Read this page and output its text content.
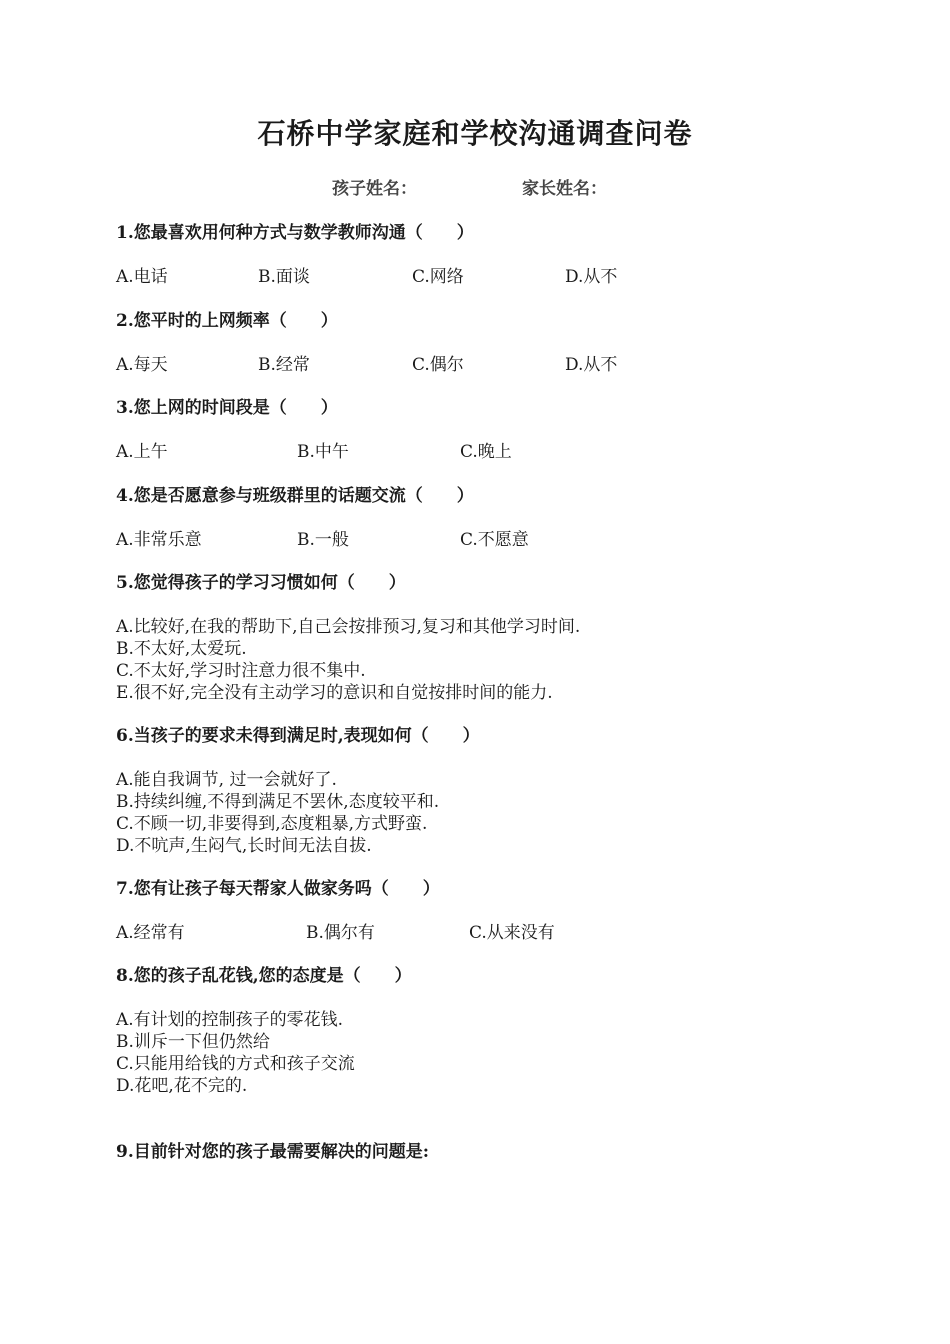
石桥中学家庭和学校沟通调查问卷
孩子姓名：	家长姓名：

1.您最喜欢用何种方式与数学教师沟通（　　）

A.电话	B.面谈	C.网络	D.从不

2.您平时的上网频率（　　）

A.每天	B.经常	C.偶尔	D.从不

3.您上网的时间段是（　　）

A.上午	B.中午	C.晚上

4.您是否愿意参与班级群里的话题交流（　　）

A.非常乐意	B.一般	C.不愿意

5.您觉得孩子的学习习惯如何（　　）

A.比较好,在我的帮助下,自己会按排预习,复习和其他学习时间.

B.不太好,太爱玩.

C.不太好,学习时注意力很不集中.

E.很不好,完全没有主动学习的意识和自觉按排时间的能力.

6.当孩子的要求未得到满足时,表现如何（　　）

A.能自我调节, 过一会就好了.

B.持续纠缠,不得到满足不罢休,态度较平和.

C.不顾一切,非要得到,态度粗暴,方式野蛮.

D.不吭声,生闷气,长时间无法自拔.

7.您有让孩子每天帮家人做家务吗（　　）

A.经常有	B.偶尔有	C.从来没有

8.您的孩子乱花钱,您的态度是（　　）

A.有计划的控制孩子的零花钱.

B.训斥一下但仍然给

C.只能用给钱的方式和孩子交流

D.花吧,花不完的.

9.目前针对您的孩子最需要解决的问题是:
